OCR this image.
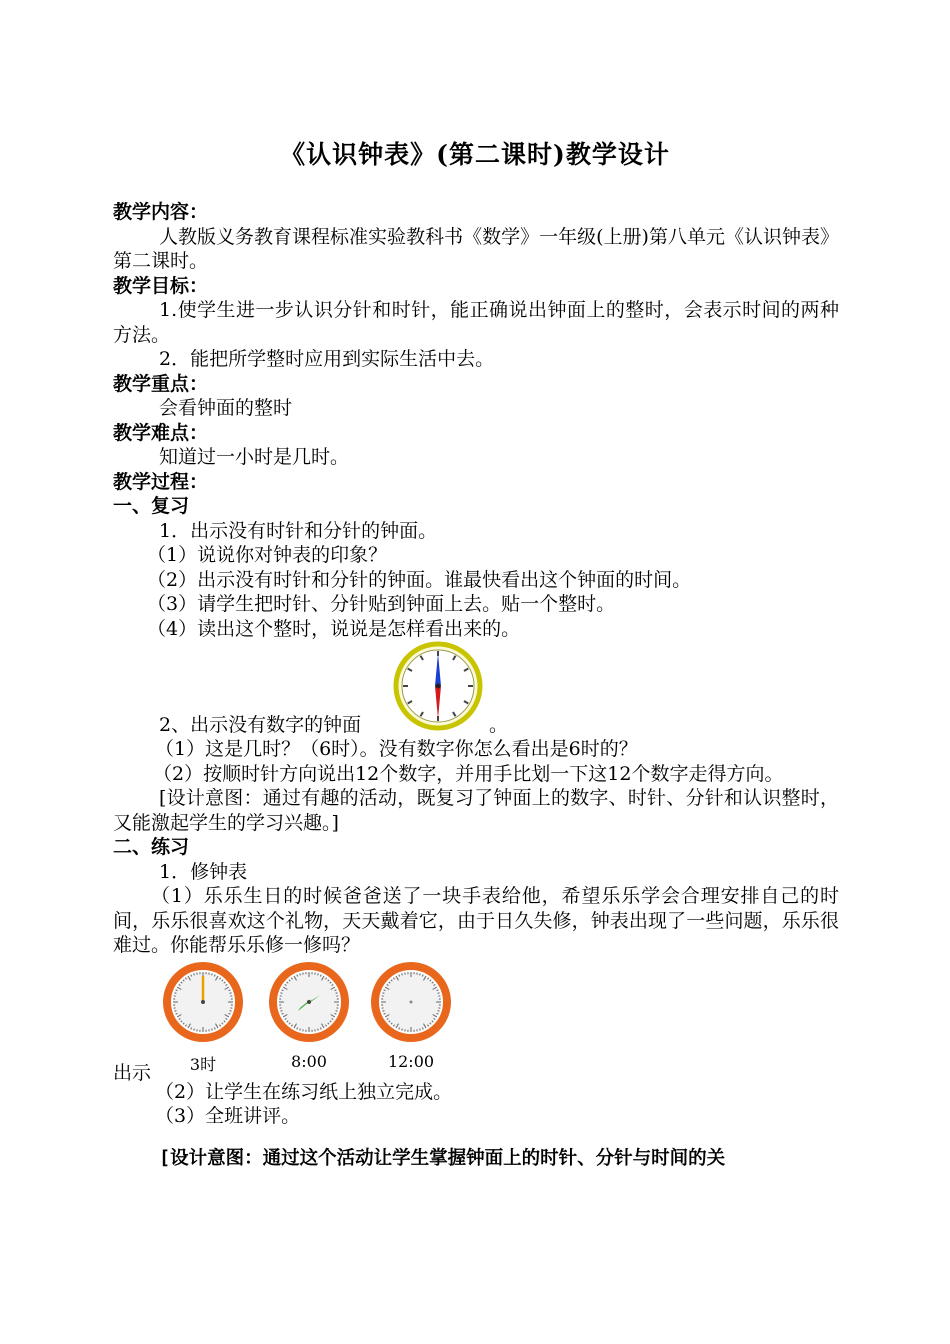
《认识钟表》(第二课时)教学设计

教学内容：

人教版义务教育课程标准实验教科书《数学》一年级(上册)第八单元《认识钟表》第二课时。

教学目标：

1.使学生进一步认识分针和时针，能正确说出钟面上的整时，会表示时间的两种方法。

2．能把所学整时应用到实际生活中去。

教学重点：

会看钟面的整时

教学难点：

知道过一小时是几时。

教学过程：

一、复习

1．出示没有时针和分针的钟面。

（1）说说你对钟表的印象？

（2）出示没有时针和分针的钟面。谁最快看出这个钟面的时间。

（3）请学生把时针、分针贴到钟面上去。贴一个整时。

（4）读出这个整时，说说是怎样看出来的。

2、出示没有数字的钟面	。

（1）这是几时？（6时）。没有数字你怎么看出是6时的？

（2）按顺时针方向说出12个数字，并用手比划一下这12个数字走得方向。

[设计意图：通过有趣的活动，既复习了钟面上的数字、时针、分针和认识整时，又能激起学生的学习兴趣。]

二、练习

1．修钟表

（1）乐乐生日的时候爸爸送了一块手表给他，希望乐乐学会合理安排自己的时间，乐乐很喜欢这个礼物，天天戴着它，由于日久失修，钟表出现了一些问题，乐乐很难过。你能帮乐乐修一修吗？

出示	3时	8:00	12:00

（2）让学生在练习纸上独立完成。

（3）全班讲评。

[设计意图：通过这个活动让学生掌握钟面上的时针、分针与时间的关
